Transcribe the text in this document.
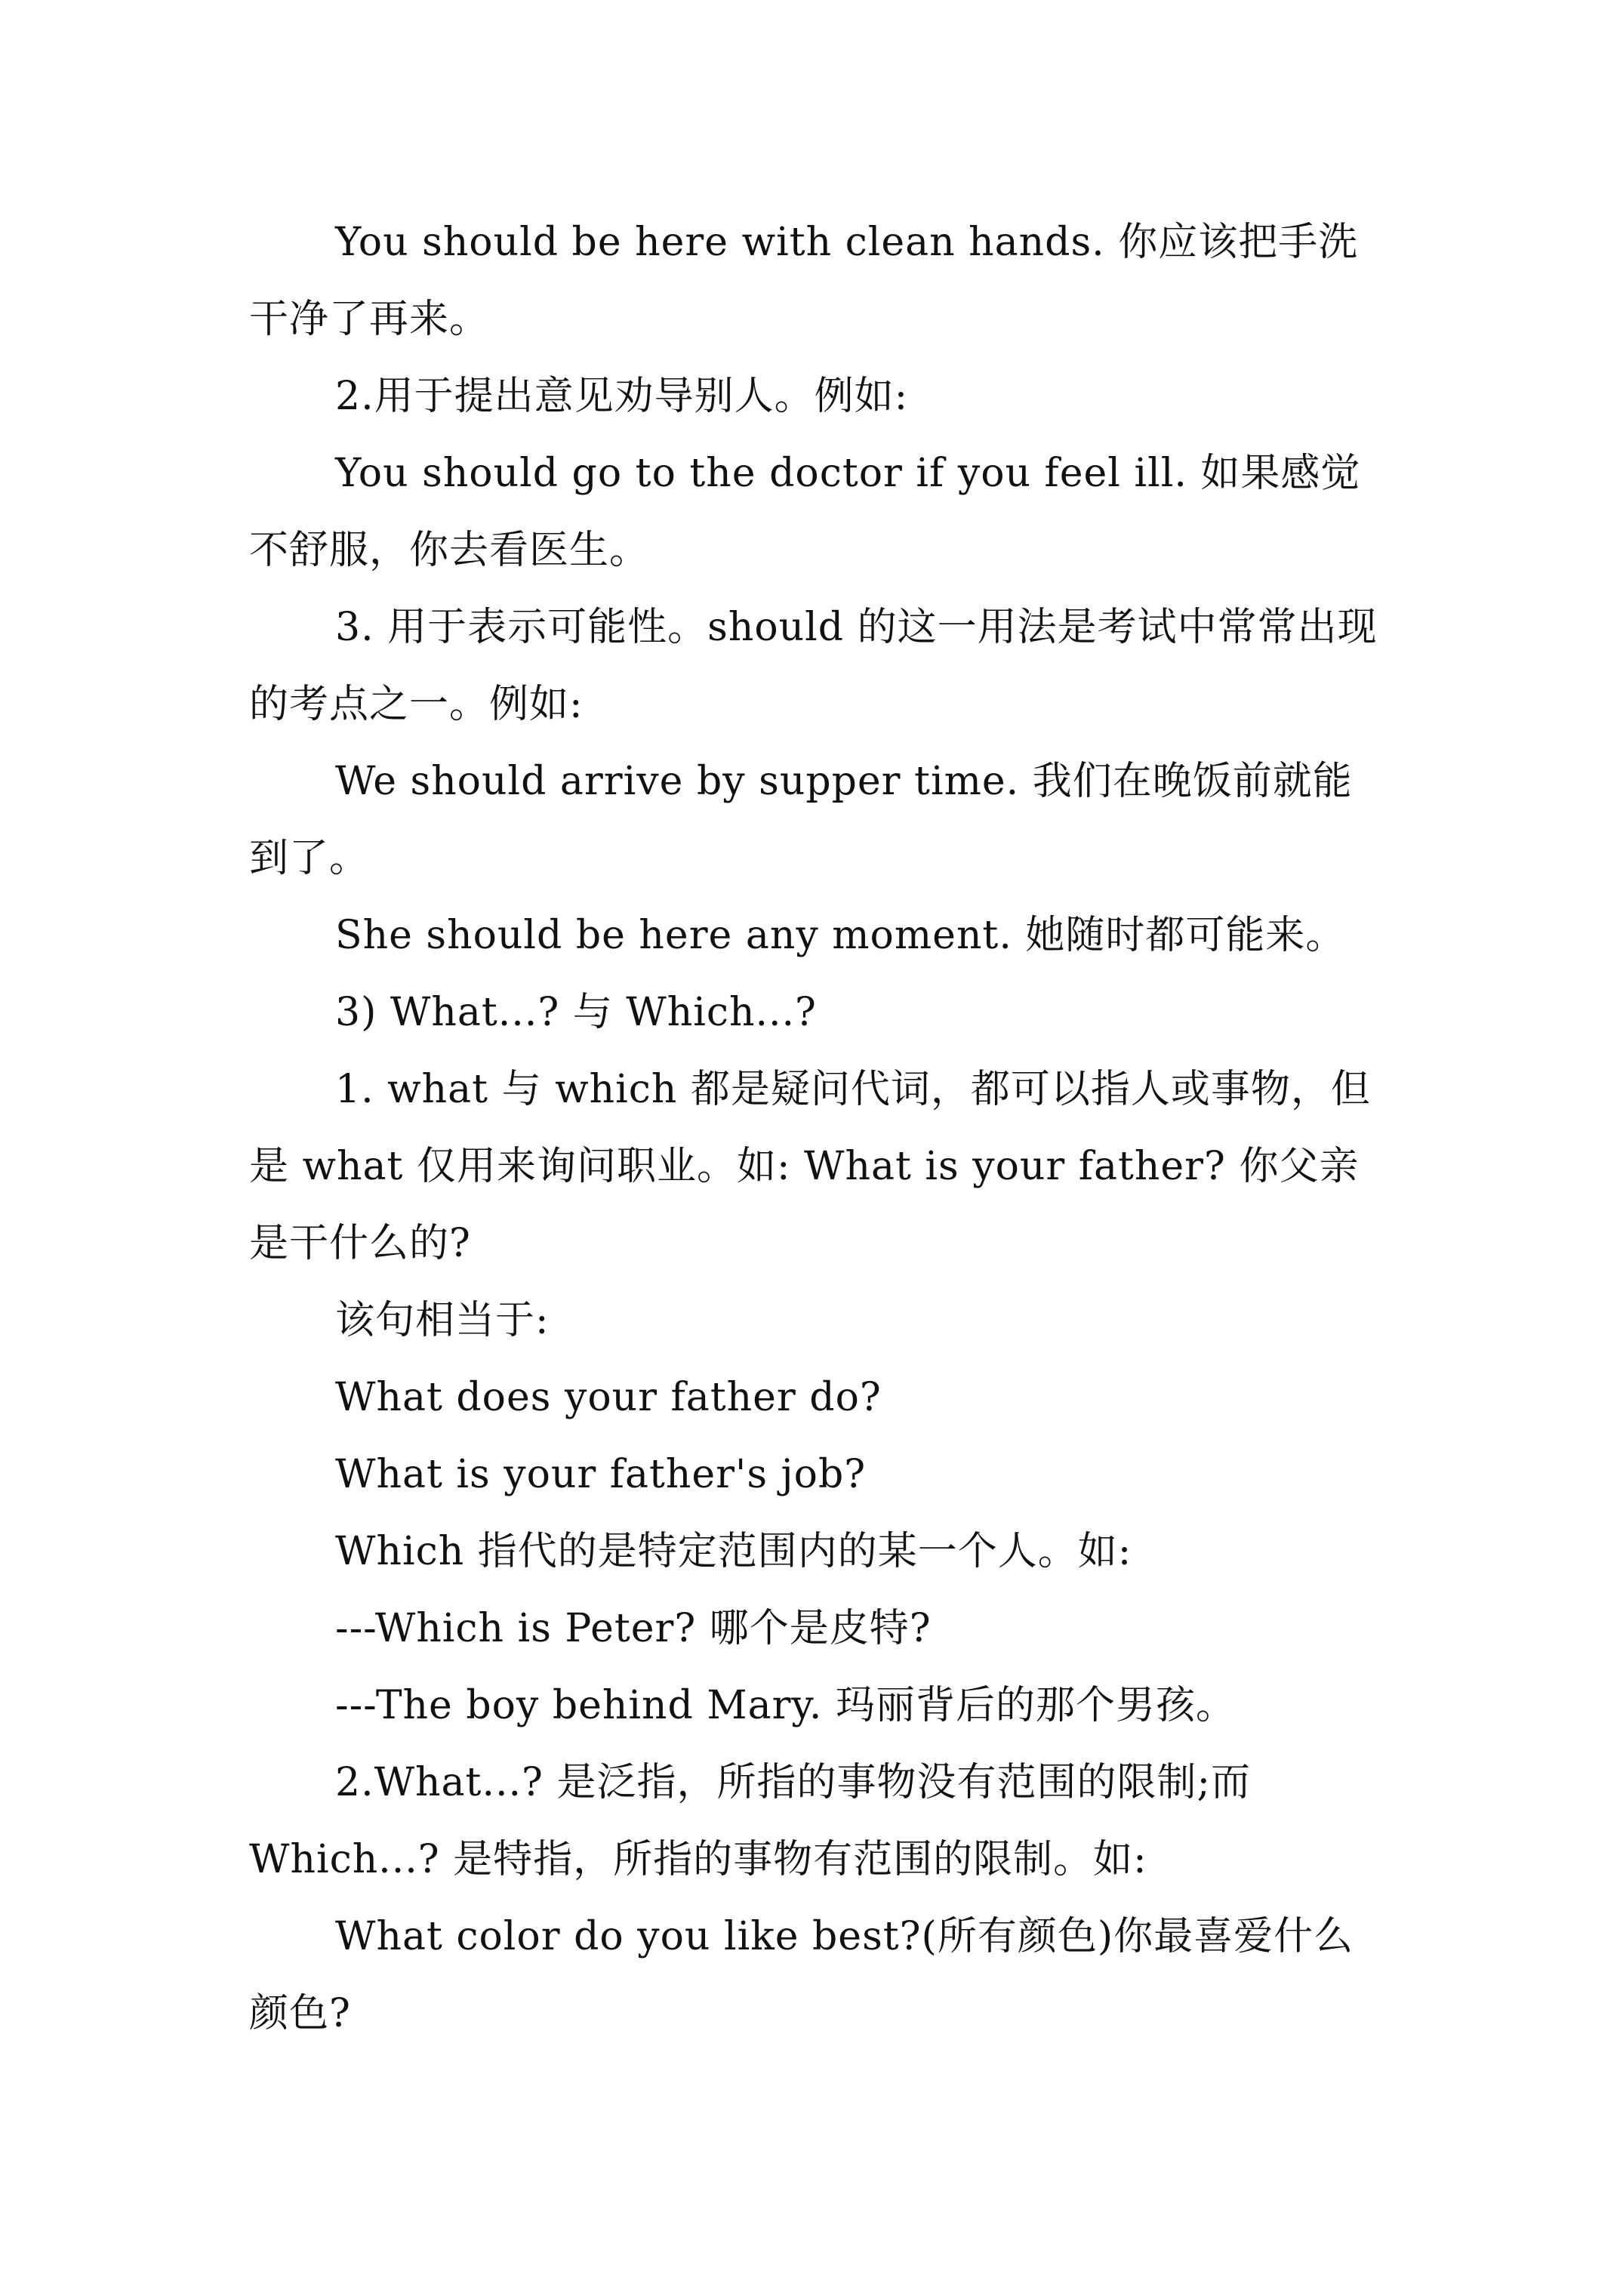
You should be here with clean hands. 你应该把手洗干净了再来。

2.用于提出意见劝导别人。例如:

You should go to the doctor if you feel ill. 如果感觉不舒服，你去看医生。

3. 用于表示可能性。should 的这一用法是考试中常常出现的考点之一。例如:

We should arrive by supper time. 我们在晚饭前就能到了。

She should be here any moment. 她随时都可能来。

3) What...? 与 Which...?

1. what 与 which 都是疑问代词，都可以指人或事物，但是 what 仅用来询问职业。如: What is your father? 你父亲是干什么的?

该句相当于:

What does your father do?

What is your father's job?

Which 指代的是特定范围内的某一个人。如:

---Which is Peter? 哪个是皮特?

---The boy behind Mary. 玛丽背后的那个男孩。

2.What...? 是泛指，所指的事物没有范围的限制;而 Which...? 是特指，所指的事物有范围的限制。如:

What color do you like best?(所有颜色)你最喜爱什么颜色?
